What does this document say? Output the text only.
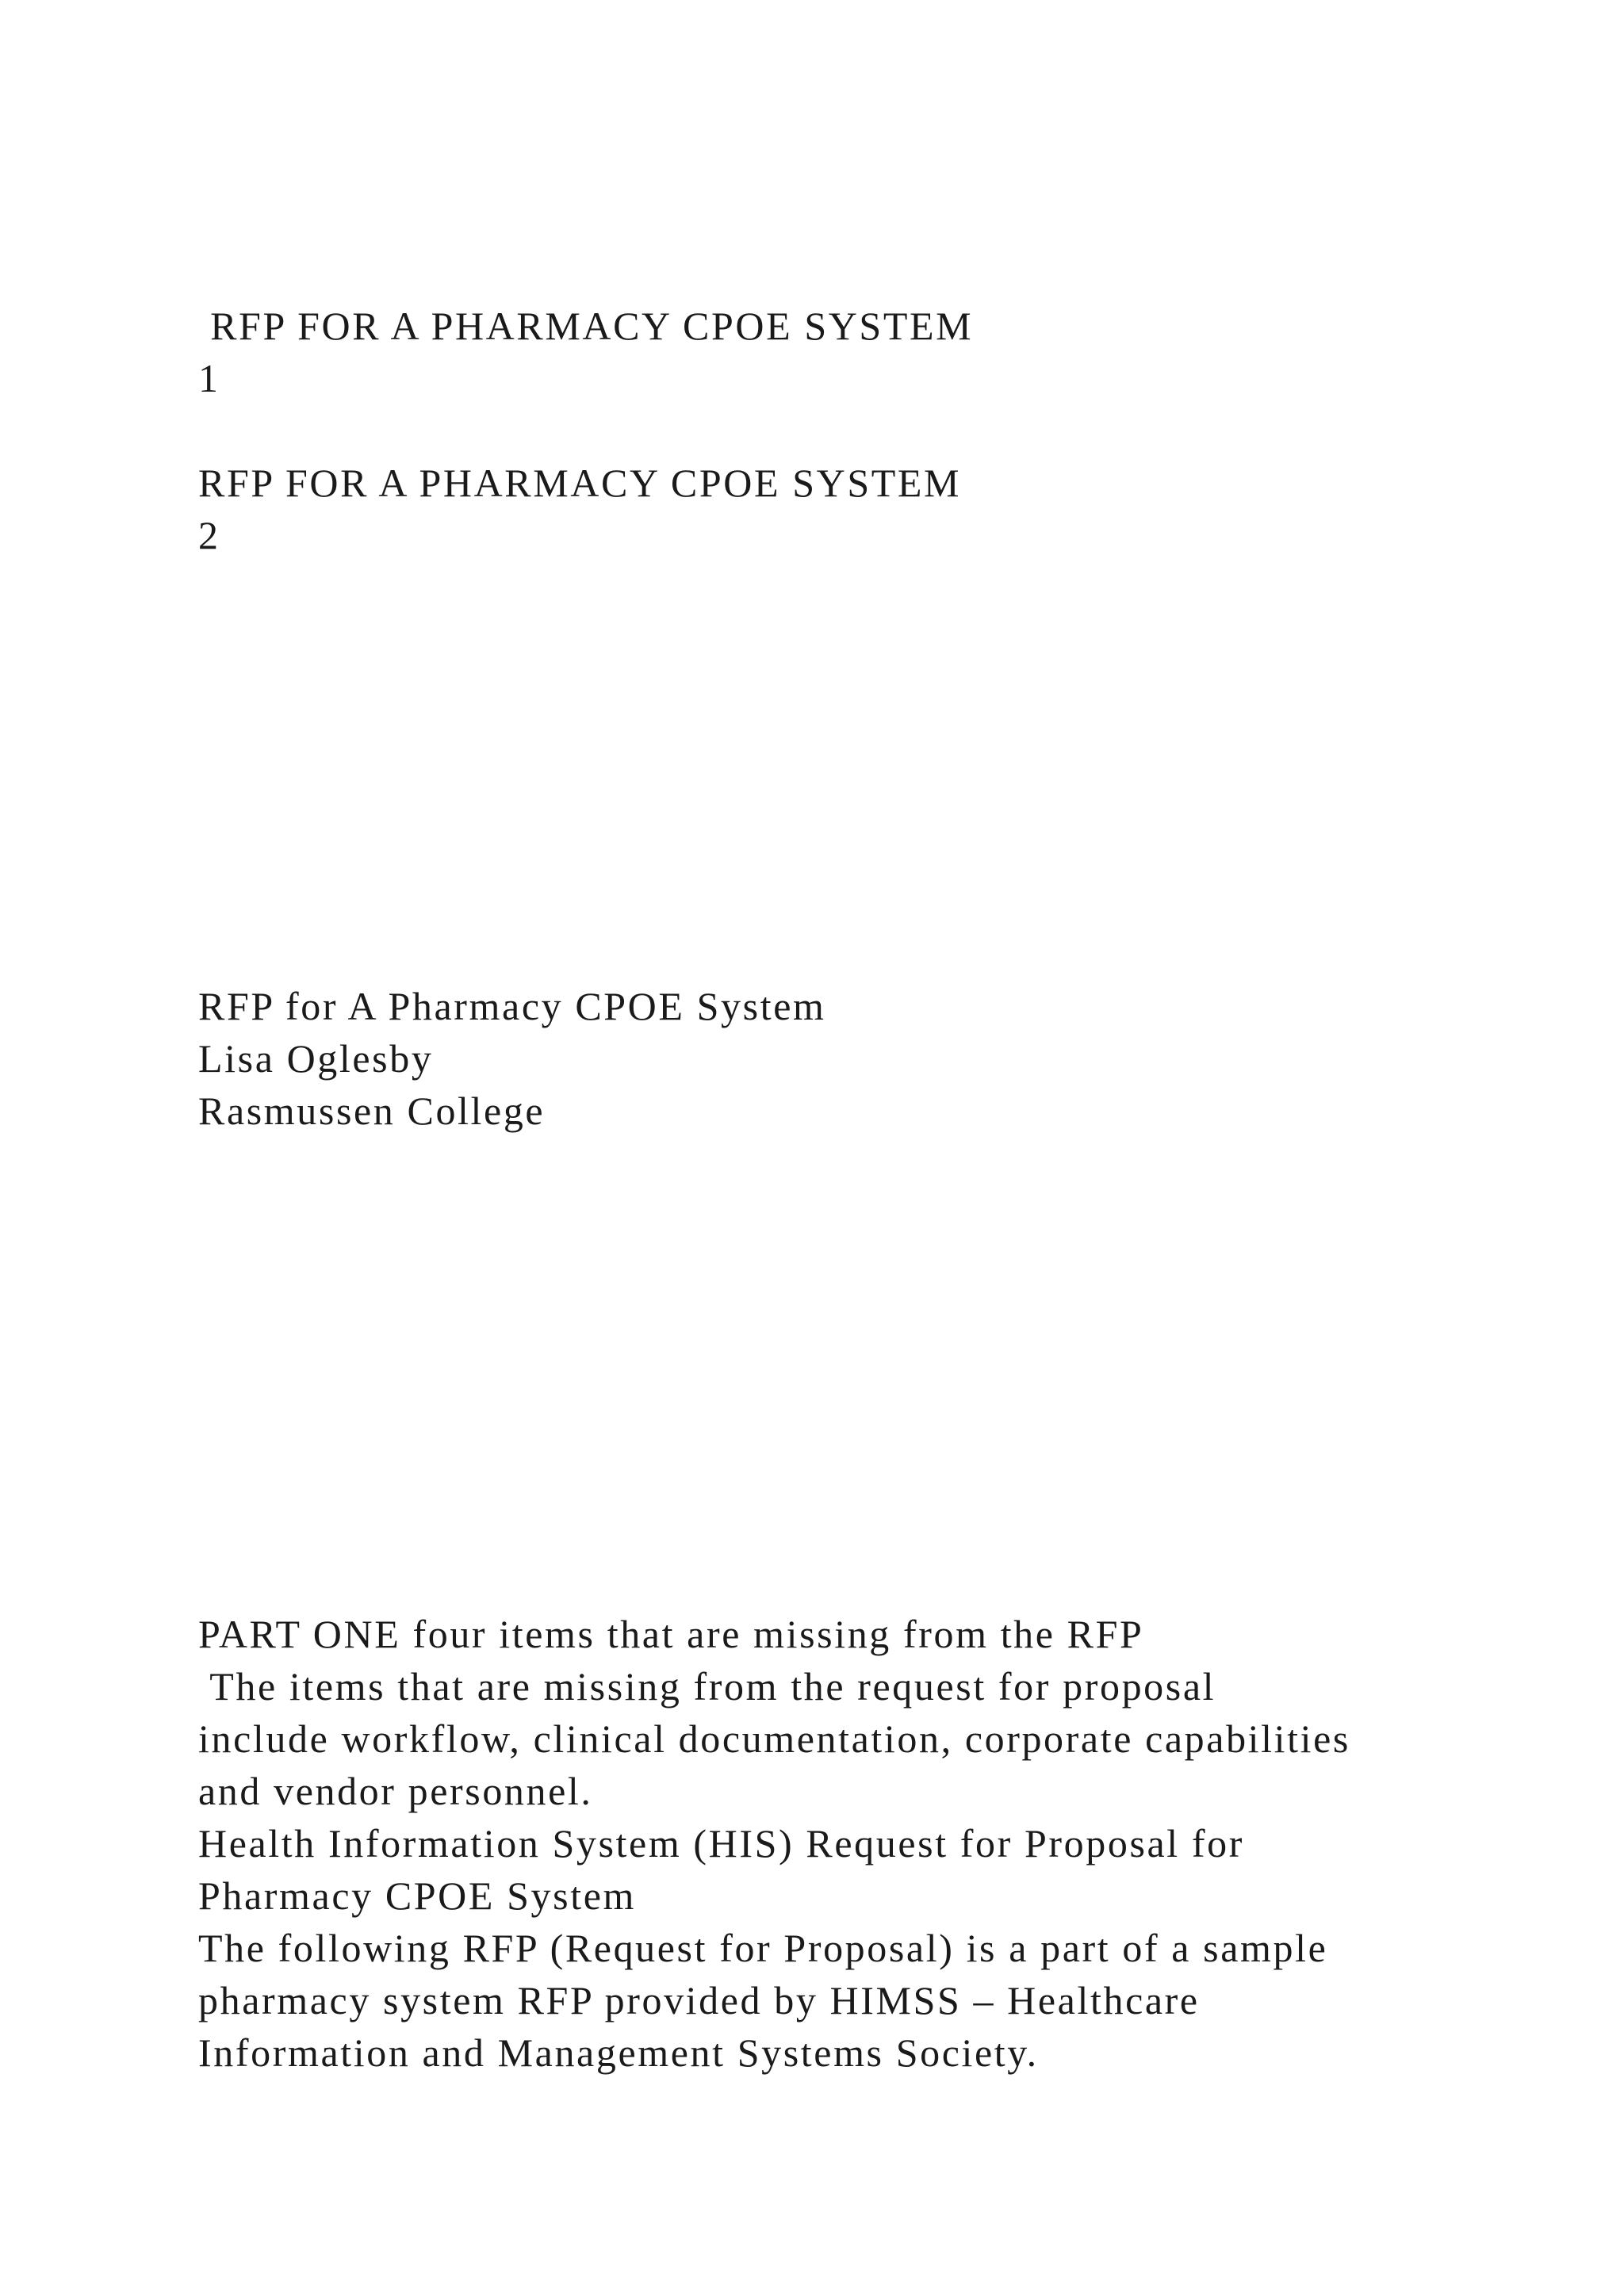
RFP FOR A PHARMACY CPOE SYSTEM

1

RFP FOR A PHARMACY CPOE SYSTEM

2

RFP for A Pharmacy CPOE System

Lisa Oglesby

Rasmussen College

PART ONE four items that are missing from the RFP

The items that are missing from the request for proposal

include workflow, clinical documentation, corporate capabilities

and vendor personnel.

Health Information System (HIS) Request for Proposal for

Pharmacy CPOE System

The following RFP (Request for Proposal) is a part of a sample

pharmacy system RFP provided by HIMSS – Healthcare

Information and Management Systems Society.
